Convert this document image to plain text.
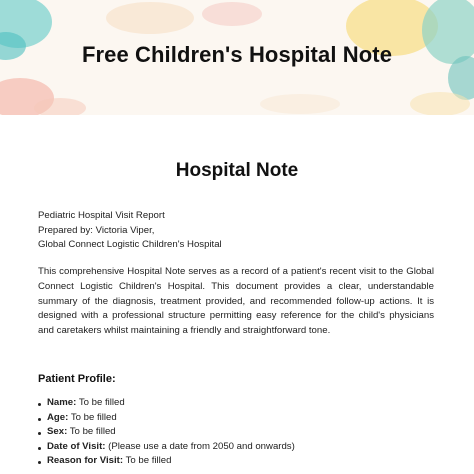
Free Children's Hospital Note
Hospital Note
Pediatric Hospital Visit Report
Prepared by: Victoria Viper,
Global Connect Logistic Children's Hospital
This comprehensive Hospital Note serves as a record of a patient's recent visit to the Global Connect Logistic Children's Hospital. This document provides a clear, understandable summary of the diagnosis, treatment provided, and recommended follow-up actions. It is designed with a professional structure permitting easy reference for the child's physicians and caretakers whilst maintaining a friendly and straightforward tone.
Patient Profile:
Name: To be filled
Age: To be filled
Sex: To be filled
Date of Visit: (Please use a date from 2050 and onwards)
Reason for Visit: To be filled
